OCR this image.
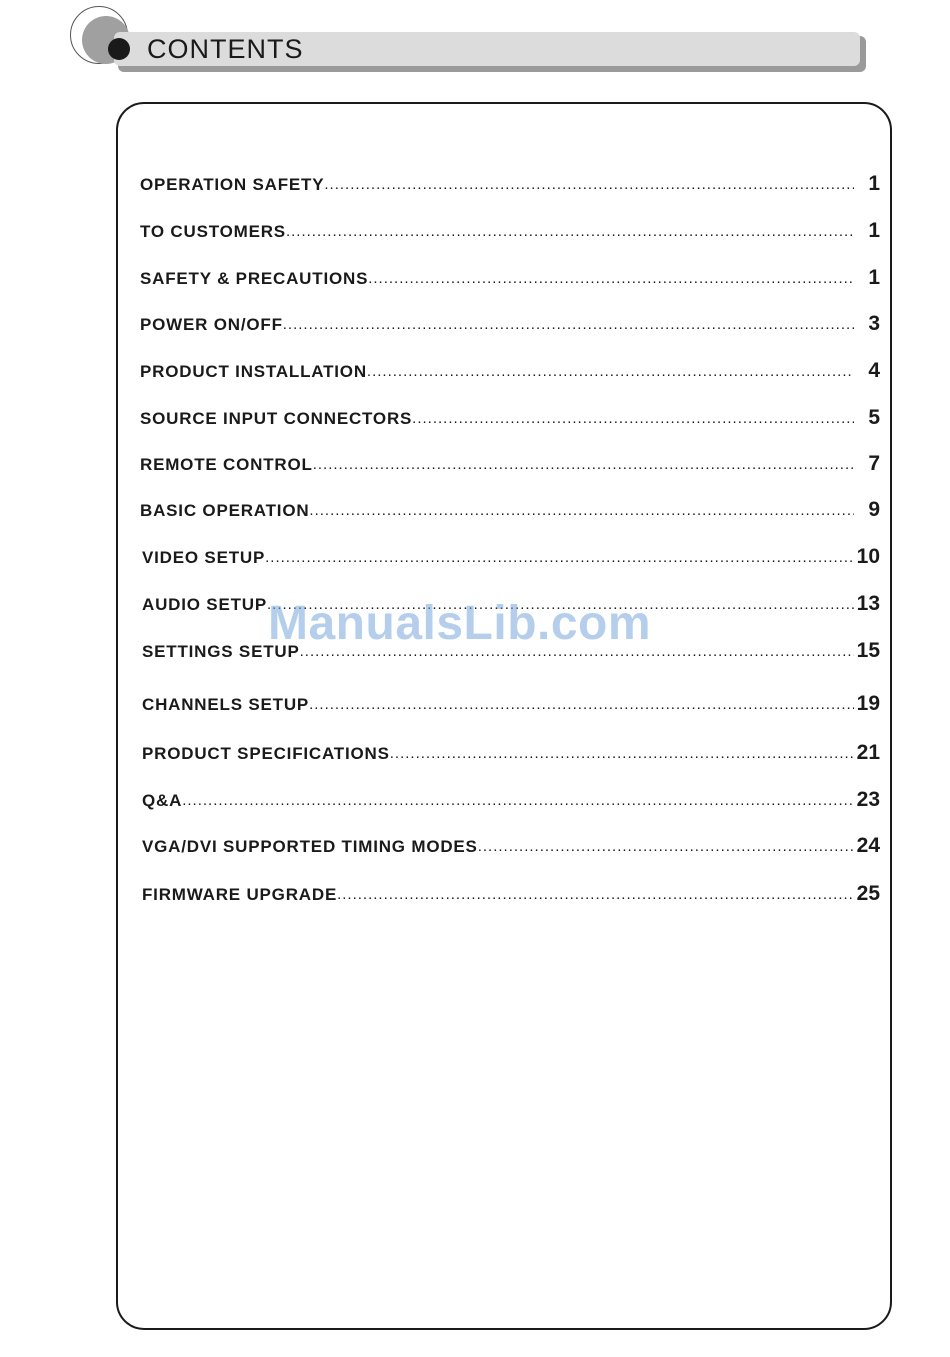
CONTENTS
OPERATION SAFETY .....	1
TO CUSTOMERS .....	1
SAFETY & PRECAUTIONS .....	1
POWER ON/OFF .....	3
PRODUCT INSTALLATION .....	4
SOURCE INPUT CONNECTORS .....	5
REMOTE CONTROL .....	7
BASIC OPERATION .....	9
VIDEO SETUP .....	10
AUDIO SETUP .....	13
SETTINGS SETUP .....	15
CHANNELS SETUP .....	19
PRODUCT SPECIFICATIONS .....	21
Q&A .....	23
VGA/DVI SUPPORTED TIMING MODES .....	24
FIRMWARE UPGRADE .....	25
ManualsLib.com
